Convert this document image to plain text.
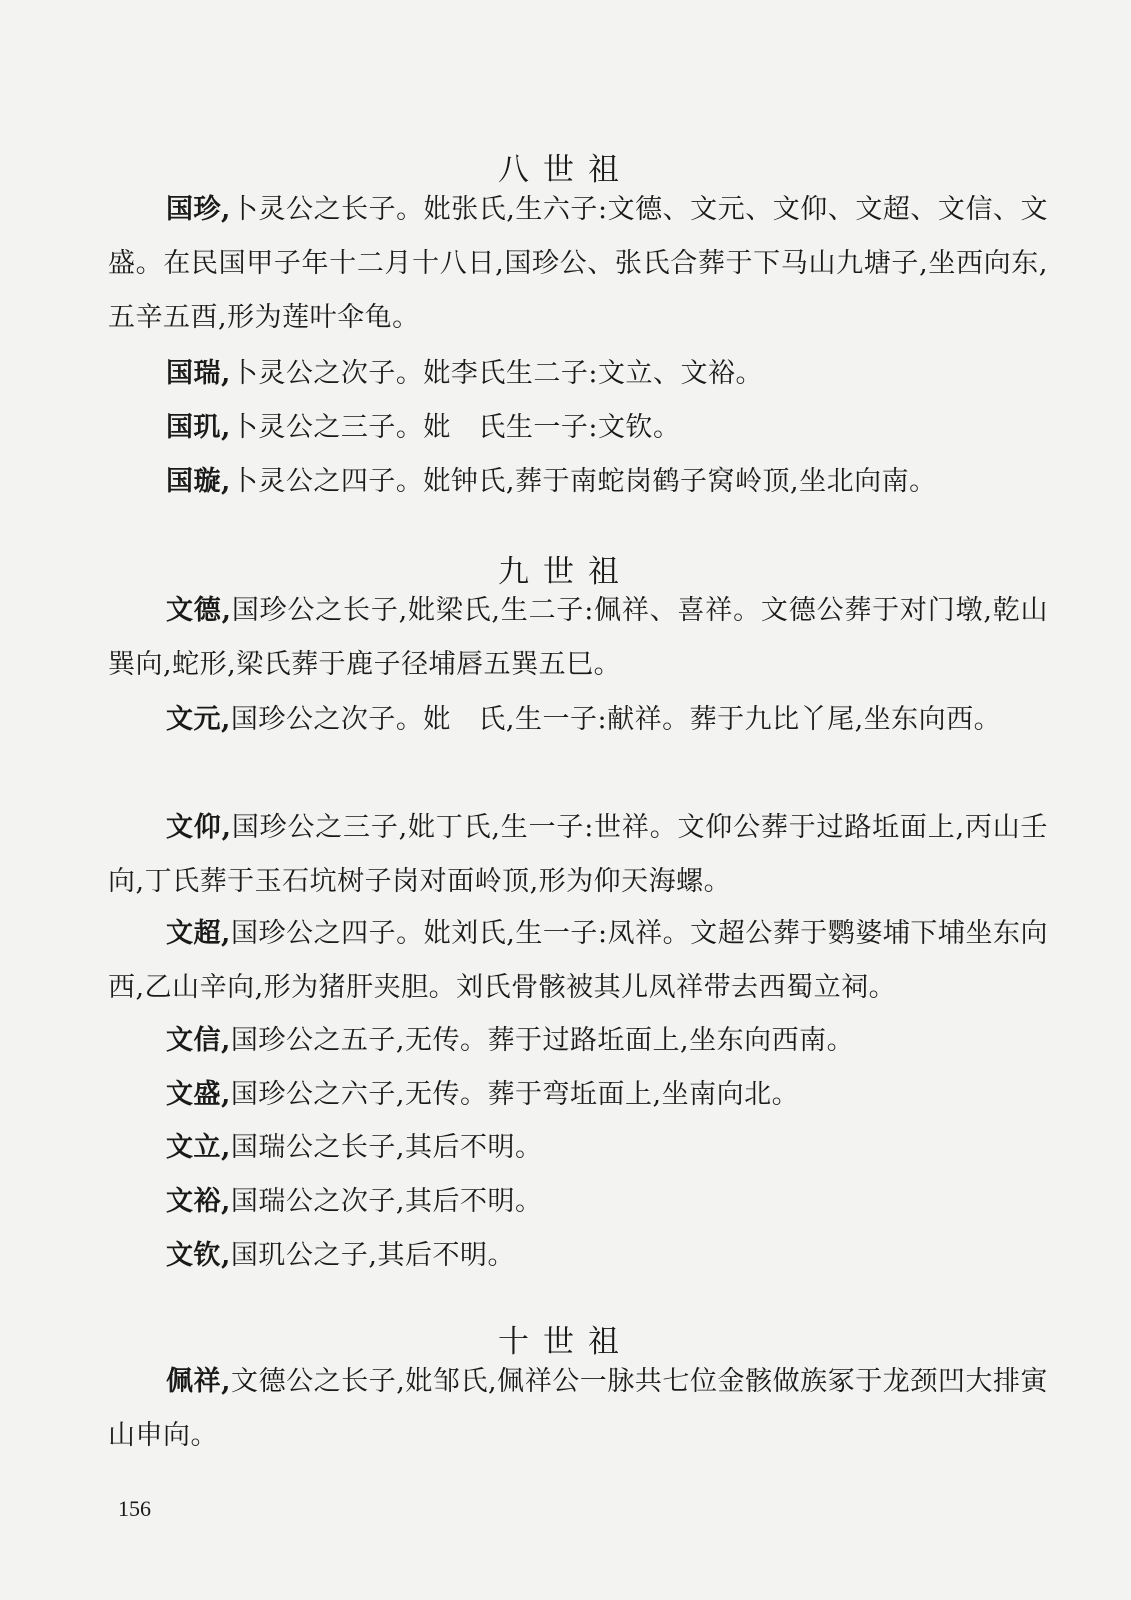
八世祖

国珍,卜灵公之长子。妣张氏,生六子:文德、文元、文仰、文超、文信、文盛。在民国甲子年十二月十八日,国珍公、张氏合葬于下马山九塘子,坐西向东,五辛五酉,形为莲叶伞龟。

国瑞,卜灵公之次子。妣李氏生二子:文立、文裕。

国玑,卜灵公之三子。妣　氏生一子:文钦。

国璇,卜灵公之四子。妣钟氏,葬于南蛇岗鹤子窝岭顶,坐北向南。

九世祖

文德,国珍公之长子,妣梁氏,生二子:佩祥、喜祥。文德公葬于对门墩,乾山巽向,蛇形,梁氏葬于鹿子径埔唇五巽五巳。

文元,国珍公之次子。妣　氏,生一子:献祥。葬于九比丫尾,坐东向西。

文仰,国珍公之三子,妣丁氏,生一子:世祥。文仰公葬于过路坵面上,丙山壬向,丁氏葬于玉石坑树子岗对面岭顶,形为仰天海螺。

文超,国珍公之四子。妣刘氏,生一子:凤祥。文超公葬于鹦婆埔下埔坐东向西,乙山辛向,形为猪肝夹胆。刘氏骨骸被其儿凤祥带去西蜀立祠。

文信,国珍公之五子,无传。葬于过路坵面上,坐东向西南。

文盛,国珍公之六子,无传。葬于弯坵面上,坐南向北。

文立,国瑞公之长子,其后不明。

文裕,国瑞公之次子,其后不明。

文钦,国玑公之子,其后不明。

十世祖

佩祥,文德公之长子,妣邹氏,佩祥公一脉共七位金骸做族冢于龙颈凹大排寅山申向。

156
